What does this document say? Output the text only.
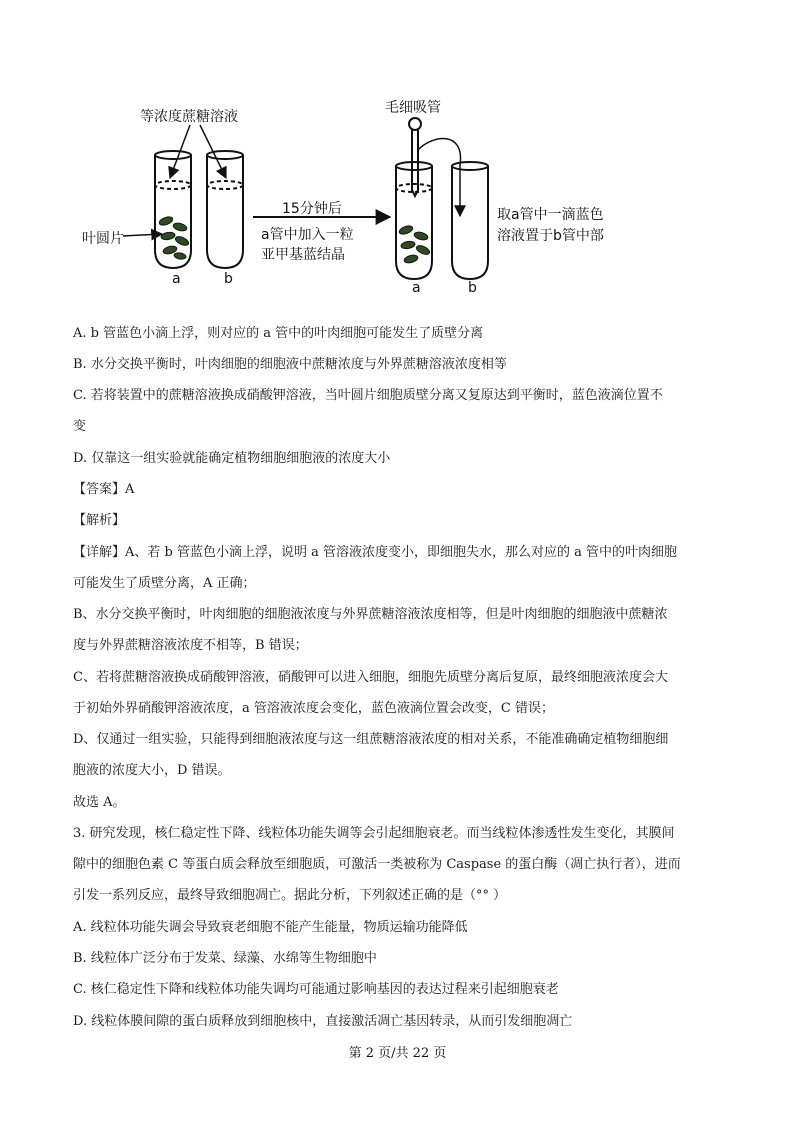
等浓度蔗糖溶液
毛细吸管
叶圆片
15分钟后
a管中加入一粒
亚甲基蓝结晶
取a管中一滴蓝色
溶液置于b管中部
a	b
a	b
A. b 管蓝色小滴上浮，则对应的 a 管中的叶肉细胞可能发生了质壁分离
B. 水分交换平衡时，叶肉细胞的细胞液中蔗糖浓度与外界蔗糖溶液浓度相等
C. 若将装置中的蔗糖溶液换成硝酸钾溶液，当叶圆片细胞质壁分离又复原达到平衡时，蓝色液滴位置不
变
D. 仅靠这一组实验就能确定植物细胞细胞液的浓度大小
【答案】A
【解析】
【详解】A、若 b 管蓝色小滴上浮，说明 a 管溶液浓度变小，即细胞失水，那么对应的 a 管中的叶肉细胞
可能发生了质壁分离，A 正确；
B、水分交换平衡时，叶肉细胞的细胞液浓度与外界蔗糖溶液浓度相等，但是叶肉细胞的细胞液中蔗糖浓
度与外界蔗糖溶液浓度不相等，B 错误；
C、若将蔗糖溶液换成硝酸钾溶液，硝酸钾可以进入细胞，细胞先质壁分离后复原，最终细胞液浓度会大
于初始外界硝酸钾溶液浓度，a 管溶液浓度会变化，蓝色液滴位置会改变，C 错误；
D、仅通过一组实验，只能得到细胞液浓度与这一组蔗糖溶液浓度的相对关系，不能准确确定植物细胞细
胞液的浓度大小，D 错误。
故选 A。
3. 研究发现，核仁稳定性下降、线粒体功能失调等会引起细胞衰老。而当线粒体渗透性发生变化，其膜间
隙中的细胞色素 C 等蛋白质会释放至细胞质，可激活一类被称为 Caspase 的蛋白酶（凋亡执行者），进而
引发一系列反应，最终导致细胞凋亡。据此分析，下列叙述正确的是（°° ）
A. 线粒体功能失调会导致衰老细胞不能产生能量，物质运输功能降低
B. 线粒体广泛分布于发菜、绿藻、水绵等生物细胞中
C. 核仁稳定性下降和线粒体功能失调均可能通过影响基因的表达过程来引起细胞衰老
D. 线粒体膜间隙的蛋白质释放到细胞核中，直接激活凋亡基因转录，从而引发细胞凋亡
第 2 页/共 22 页
